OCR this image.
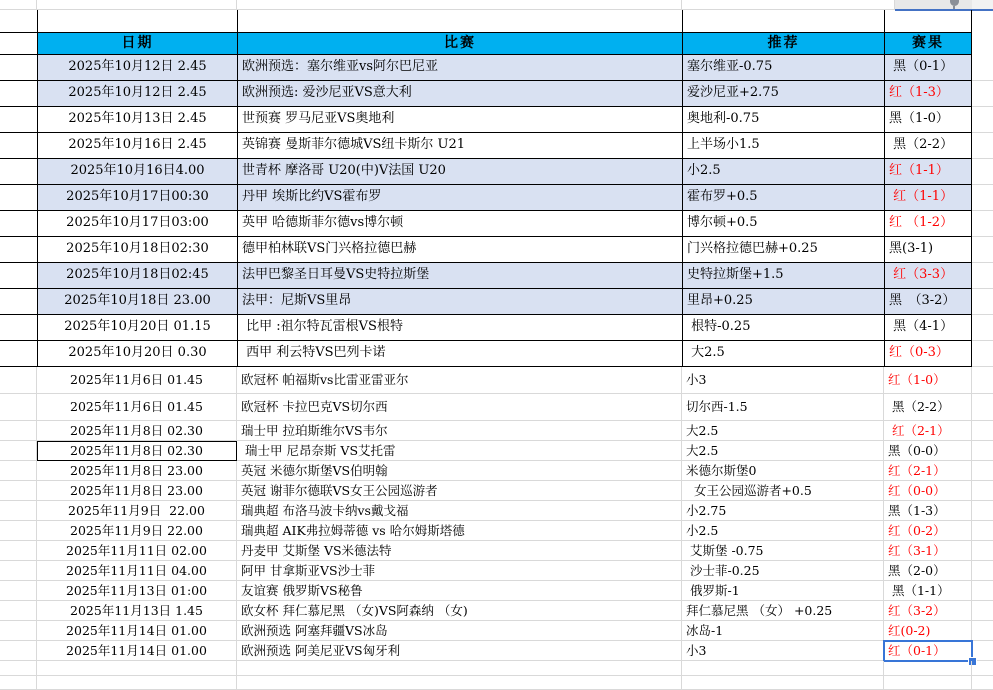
日期	比赛	推荐	赛果
2025年10月12日 2.45	欧洲预选：塞尔维亚vs阿尔巴尼亚	塞尔维亚-0.75	黑（0-1）
2025年10月12日 2.45	欧洲预选: 爱沙尼亚VS意大利	爱沙尼亚+2.75	红（1-3）
2025年10月13日 2.45	世预赛 罗马尼亚VS奥地利	奥地利-0.75	黑（1-0）
2025年10月16日 2.45	英锦赛 曼斯菲尔德城VS纽卡斯尔 U21	上半场小1.5	黑（2-2）
2025年10月16日4.00	世青杯 摩洛哥 U20(中)V法国 U20	小2.5	红（1-1）
2025年10月17日00:30	丹甲 埃斯比约VS霍布罗	霍布罗+0.5	红（1-1）
2025年10月17日03:00	英甲 哈德斯菲尔德vs博尔顿	博尔顿+0.5	红 （1-2）
2025年10月18日02:30	德甲柏林联VS门兴格拉德巴赫	门兴格拉德巴赫+0.25	黑(3-1)
2025年10月18日02:45	法甲巴黎圣日耳曼VS史特拉斯堡	史特拉斯堡+1.5	红（3-3）
2025年10月18日 23.00	法甲：尼斯VS里昂	里昂+0.25	黑　（3-2）
2025年10月20日 01.15	比甲 :祖尔特瓦雷根VS根特	根特-0.25	黑（4-1）
2025年10月20日 0.30	西甲 利云特VS巴列卡诺	大2.5	红（0-3）
2025年11月6日 01.45	欧冠杯 帕福斯vs比雷亚雷亚尔	小3	红（1-0）
2025年11月6日 01.45	欧冠杯 卡拉巴克VS切尔西	切尔西-1.5	黑（2-2）
2025年11月8日 02.30	瑞士甲 拉珀斯维尔VS韦尔	大2.5	红（2-1）
2025年11月8日 02.30	瑞士甲 尼昂奈斯 VS艾托雷	大2.5	黑（0-0）
2025年11月8日 23.00	英冠 米德尔斯堡VS伯明翰	米德尔斯堡0	红（2-1）
2025年11月8日 23.00	英冠 谢菲尔德联VS女王公园巡游者	女王公园巡游者+0.5	红（0-0）
2025年11月9日  22.00	瑞典超 布洛马波卡纳vs戴戈福	小2.75	黑（1-3）
2025年11月9日 22.00	瑞典超 AIK弗拉姆蒂德 vs 哈尔姆斯塔德	小2.5	红（0-2）
2025年11月11日 02.00	丹麦甲 艾斯堡 VS米德法特	艾斯堡 -0.75	红（3-1）
2025年11月11日 04.00	阿甲 甘拿斯亚VS沙士菲	沙士菲-0.25	黑（2-0）
2025年11月13日 01:00	友谊赛 俄罗斯VS秘鲁	俄罗斯-1	黑（1-1）
2025年11月13日 1.45	欧女杯 拜仁慕尼黑 （女)VS阿森纳 （女)	拜仁慕尼黑 （女） +0.25	红（3-2）
2025年11月14日 01.00	欧洲预选 阿塞拜疆VS冰岛	冰岛-1	红(0-2)
2025年11月14日 01.00	欧洲预选 阿美尼亚VS匈牙利	小3	红（0-1）
